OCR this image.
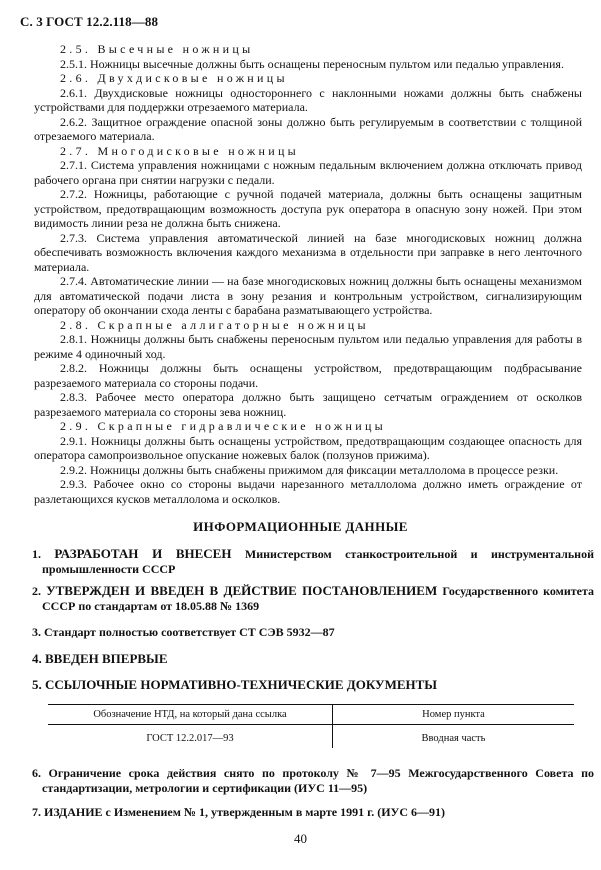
С. 3 ГОСТ 12.2.118—88

2.5. Высечные ножницы

2.5.1. Ножницы высечные должны быть оснащены переносным пультом или педалью управления.

2.6. Двухдисковые ножницы

2.6.1. Двухдисковые ножницы одностороннего с наклонными ножами должны быть снабжены устройствами для поддержки отрезаемого материала.

2.6.2. Защитное ограждение опасной зоны должно быть регулируемым в соответствии с толщиной отрезаемого материала.

2.7. Многодисковые ножницы

2.7.1. Система управления ножницами с ножным педальным включением должна отключать привод рабочего органа при снятии нагрузки с педали.

2.7.2. Ножницы, работающие с ручной подачей материала, должны быть оснащены защитным устройством, предотвращающим возможность доступа рук оператора в опасную зону ножей. При этом видимость линии реза не должна быть снижена.

2.7.3. Система управления автоматической линией на базе многодисковых ножниц должна обеспечивать возможность включения каждого механизма в отдельности при заправке в него ленточного материала.

2.7.4. Автоматические линии — на базе многодисковых ножниц должны быть оснащены механизмом для автоматической подачи листа в зону резания и контрольным устройством, сигнализирующим оператору об окончании схода ленты с барабана разматывающего устройства.

2.8. Скрапные аллигаторные ножницы

2.8.1. Ножницы должны быть снабжены переносным пультом или педалью управления для работы в режиме 4 одиночный ход.

2.8.2. Ножницы должны быть оснащены устройством, предотвращающим подбрасывание разрезаемого материала со стороны подачи.

2.8.3. Рабочее место оператора должно быть защищено сетчатым ограждением от осколков разрезаемого материала со стороны зева ножниц.

2.9. Скрапные гидравлические ножницы

2.9.1. Ножницы должны быть оснащены устройством, предотвращающим создающее опасность для оператора самопроизвольное опускание ножевых балок (ползунов прижима).

2.9.2. Ножницы должны быть снабжены прижимом для фиксации металлолома в процессе резки.

2.9.3. Рабочее окно со стороны выдачи нарезанного металлолома должно иметь ограждение от разлетающихся кусков металлолома и осколков.

ИНФОРМАЦИОННЫЕ ДАННЫЕ
1. РАЗРАБОТАН И ВНЕСЕН Министерством станкостроительной и инструментальной промышленности СССР
2. УТВЕРЖДЕН И ВВЕДЕН В ДЕЙСТВИЕ ПОСТАНОВЛЕНИЕМ Государственного комитета СССР по стандартам от 18.05.88 № 1369
3. Стандарт полностью соответствует СТ СЭВ 5932—87
4. ВВЕДЕН ВПЕРВЫЕ
5. ССЫЛОЧНЫЕ НОРМАТИВНО-ТЕХНИЧЕСКИЕ ДОКУМЕНТЫ
Обозначение НТД, на который дана ссылка	Номер пункта
ГОСТ 12.2.017—93	Вводная часть
6. Ограничение срока действия снято по протоколу № 7—95 Межгосударственного Совета по стандартизации, метрологии и сертификации (ИУС 11—95)
7. ИЗДАНИЕ с Изменением № 1, утвержденным в марте 1991 г. (ИУС 6—91)
40
